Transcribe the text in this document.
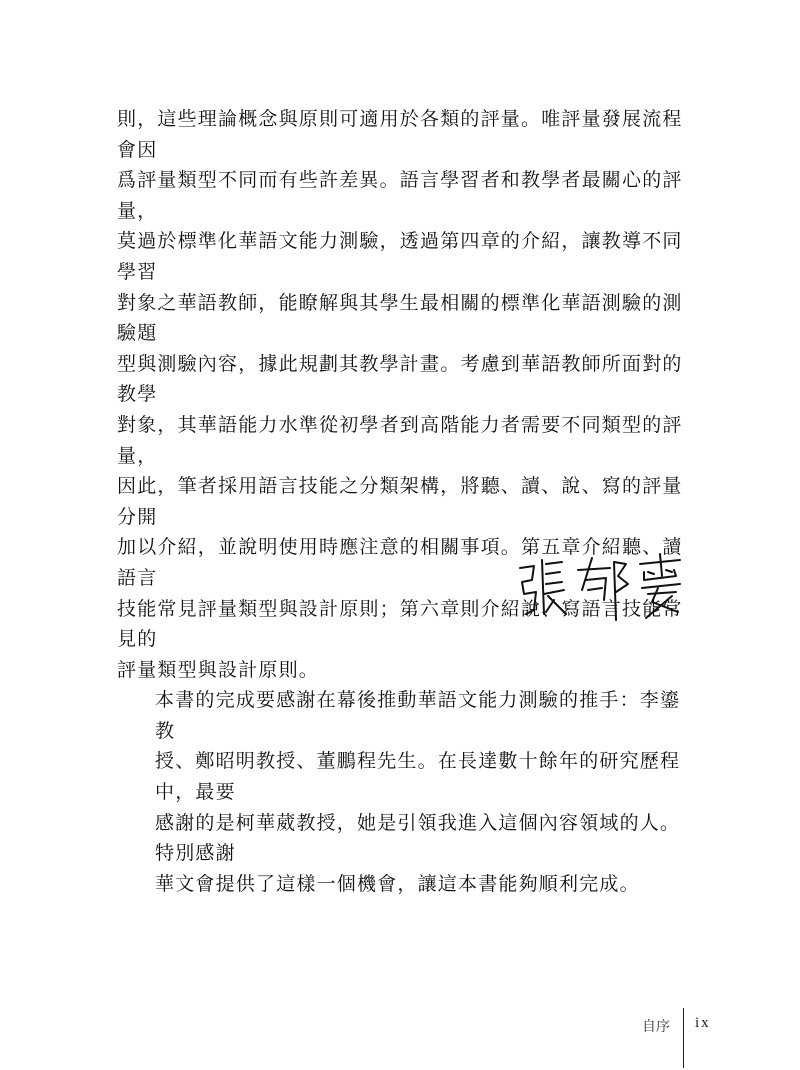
則，這些理論概念與原則可適用於各類的評量。唯評量發展流程會因
爲評量類型不同而有些許差異。語言學習者和教學者最關心的評量，
莫過於標準化華語文能力測驗，透過第四章的介紹，讓教導不同學習
對象之華語教師，能瞭解與其學生最相關的標準化華語測驗的測驗題
型與測驗內容，據此規劃其教學計畫。考慮到華語教師所面對的教學
對象，其華語能力水準從初學者到高階能力者需要不同類型的評量，
因此，筆者採用語言技能之分類架構，將聽、讀、說、寫的評量分開
加以介紹，並說明使用時應注意的相關事項。第五章介紹聽、讀語言
技能常見評量類型與設計原則；第六章則介紹說、寫語言技能常見的
評量類型與設計原則。

本書的完成要感謝在幕後推動華語文能力測驗的推手：李鎏教
授、鄭昭明教授、董鵬程先生。在長達數十餘年的研究歷程中，最要
感謝的是柯華葳教授，她是引領我進入這個內容領域的人。特別感謝
華文會提供了這樣一個機會，讓這本書能夠順利完成。

自序 ix
